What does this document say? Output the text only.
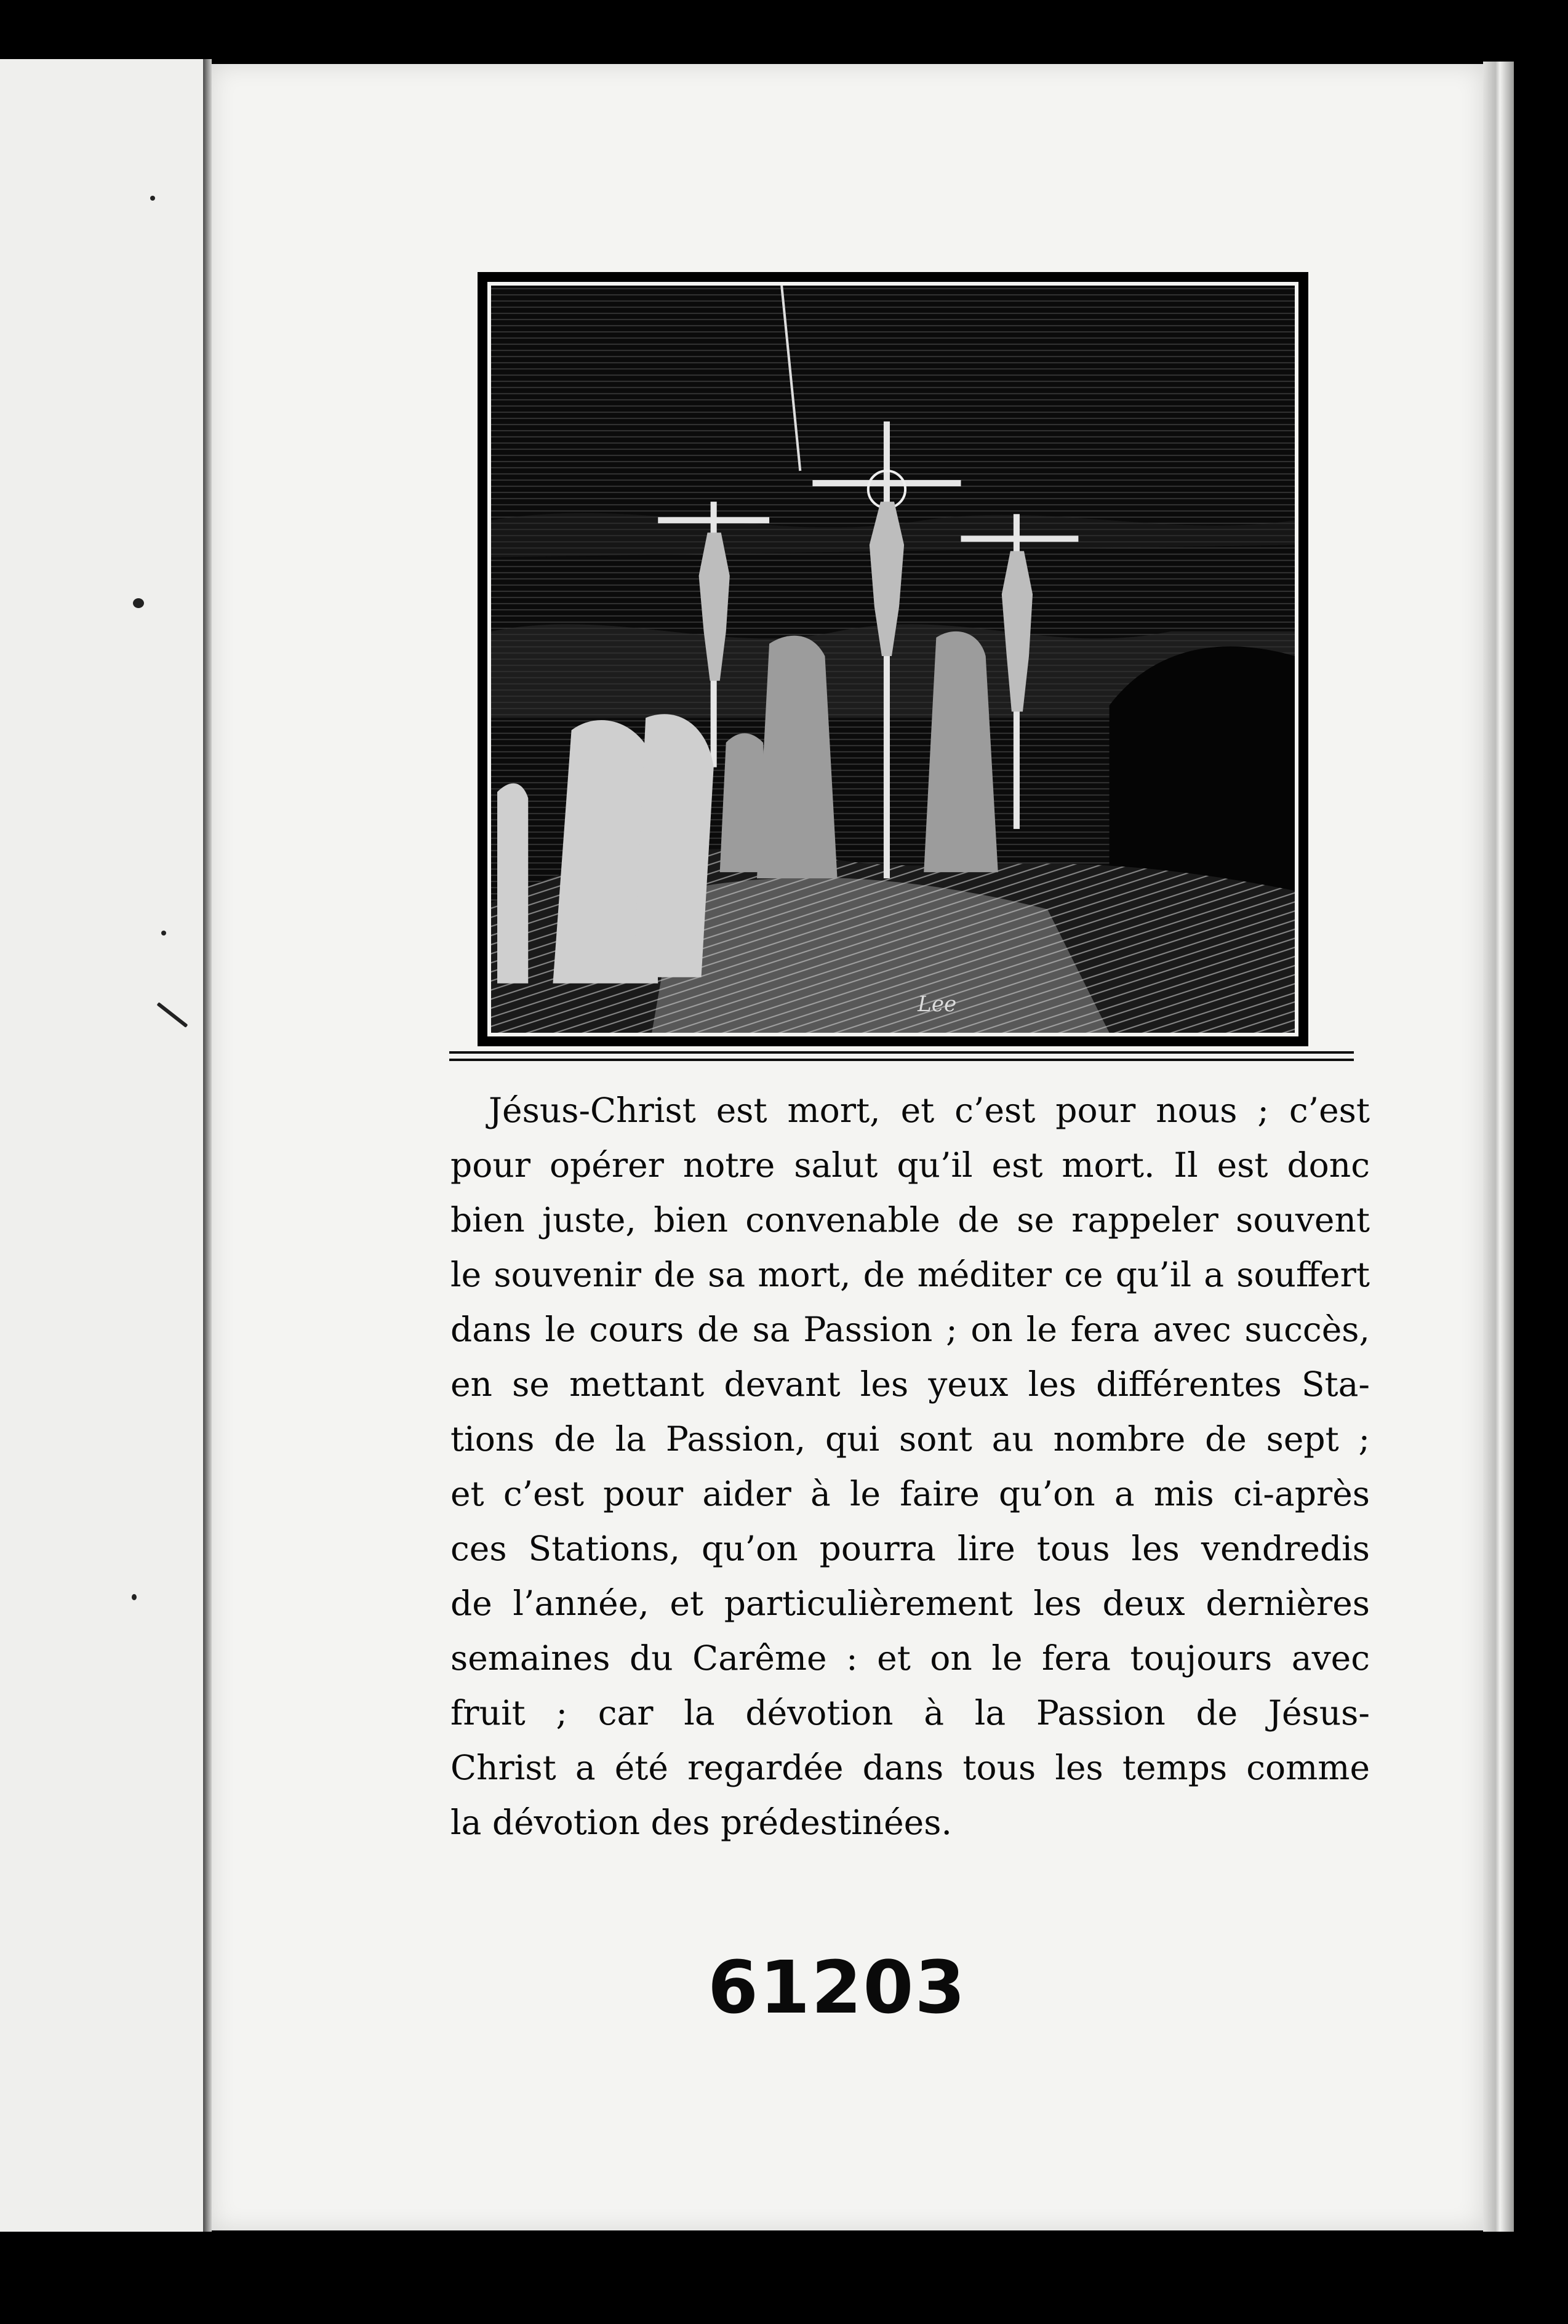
Lee
Jésus-Christ est mort, et c’est pour nous ; c’est
pour opérer notre salut qu’il est mort. Il est donc
bien juste, bien convenable de se rappeler souvent
le souvenir de sa mort, de méditer ce qu’il a souffert
dans le cours de sa Passion ; on le fera avec succès,
en se mettant devant les yeux les différentes Sta-
tions de la Passion, qui sont au nombre de sept ;
et c’est pour aider à le faire qu’on a mis ci-après
ces Stations, qu’on pourra lire tous les vendredis
de l’année, et particulièrement les deux dernières
semaines du Carême : et on le fera toujours avec
fruit ; car la dévotion à la Passion de Jésus-
Christ a été regardée dans tous les temps comme
la dévotion des prédestinées.
61203
